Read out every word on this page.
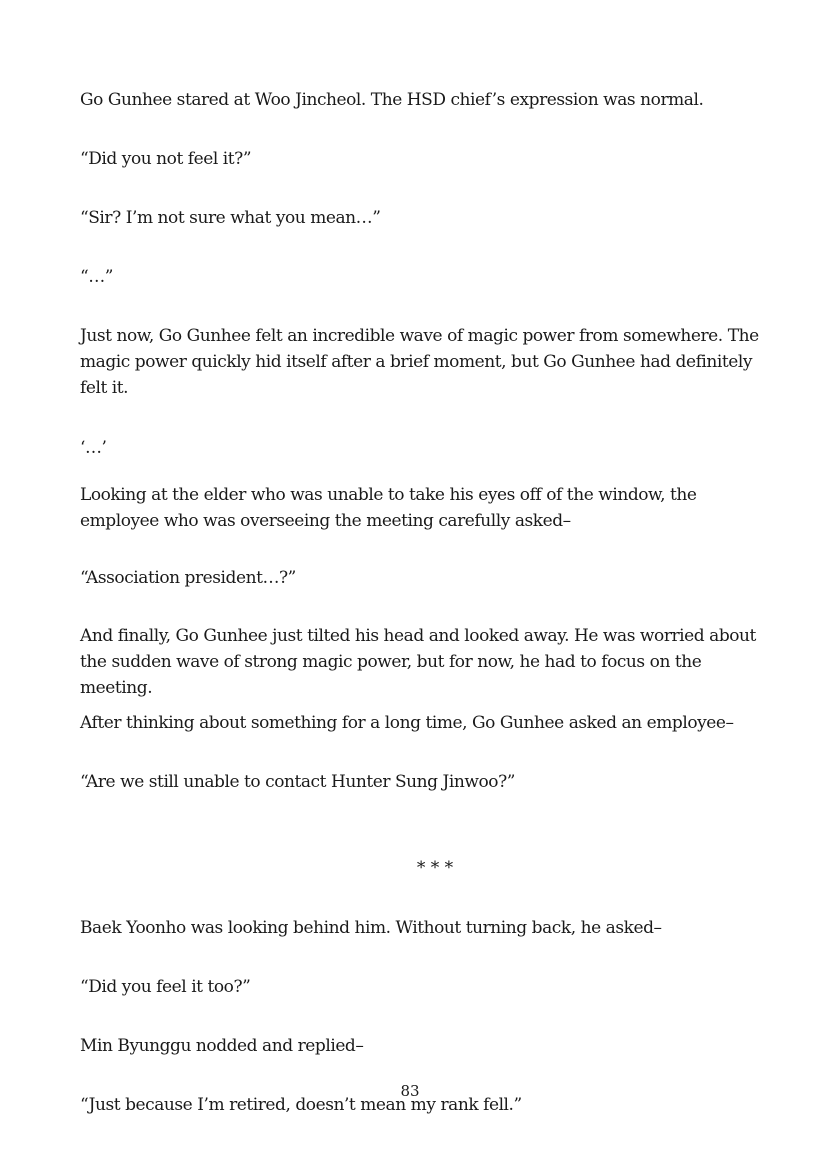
Go Gunhee stared at Woo Jincheol. The HSD chief’s expression was normal.

“Did you not feel it?”

“Sir? I’m not sure what you mean…”

“…”

Just now, Go Gunhee felt an incredible wave of magic power from somewhere. The magic power quickly hid itself after a brief moment, but Go Gunhee had definitely felt it.

‘…’

Looking at the elder who was unable to take his eyes off of the window, the employee who was overseeing the meeting carefully asked–

“Association president…?”

And finally, Go Gunhee just tilted his head and looked away. He was worried about the sudden wave of strong magic power, but for now, he had to focus on the meeting.

After thinking about something for a long time, Go Gunhee asked an employee–

“Are we still unable to contact Hunter Sung Jinwoo?”

* * *

Baek Yoonho was looking behind him. Without turning back, he asked–

“Did you feel it too?”

Min Byunggu nodded and replied–

“Just because I’m retired, doesn’t mean my rank fell.”

83
